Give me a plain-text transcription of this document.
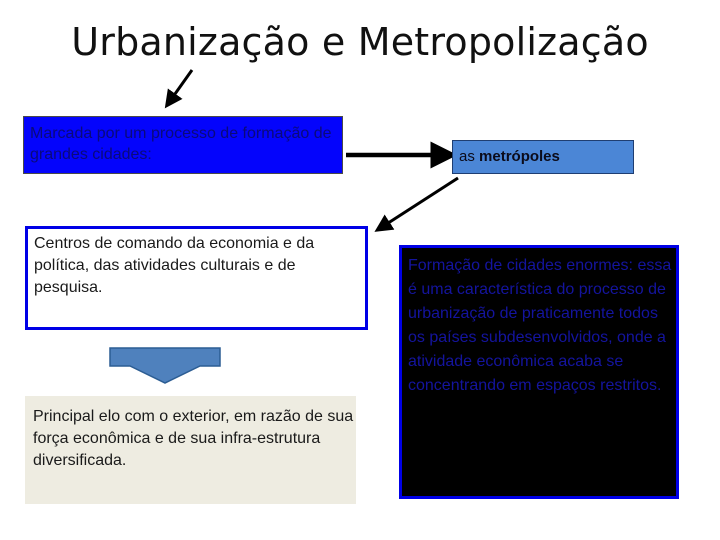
Urbanização e Metropolização
Marcada por um processo de formação de grandes cidades:	as metrópoles
Centros de comando da economia e da política, das atividades culturais e de pesquisa.
Formação de cidades enormes: essa é uma característica do processo de urbanização de praticamente todos os países subdesenvolvidos, onde a atividade econômica acaba se concentrando em espaços restritos.
Principal elo com o exterior, em razão de sua força econômica e de sua infra-estrutura diversificada.
